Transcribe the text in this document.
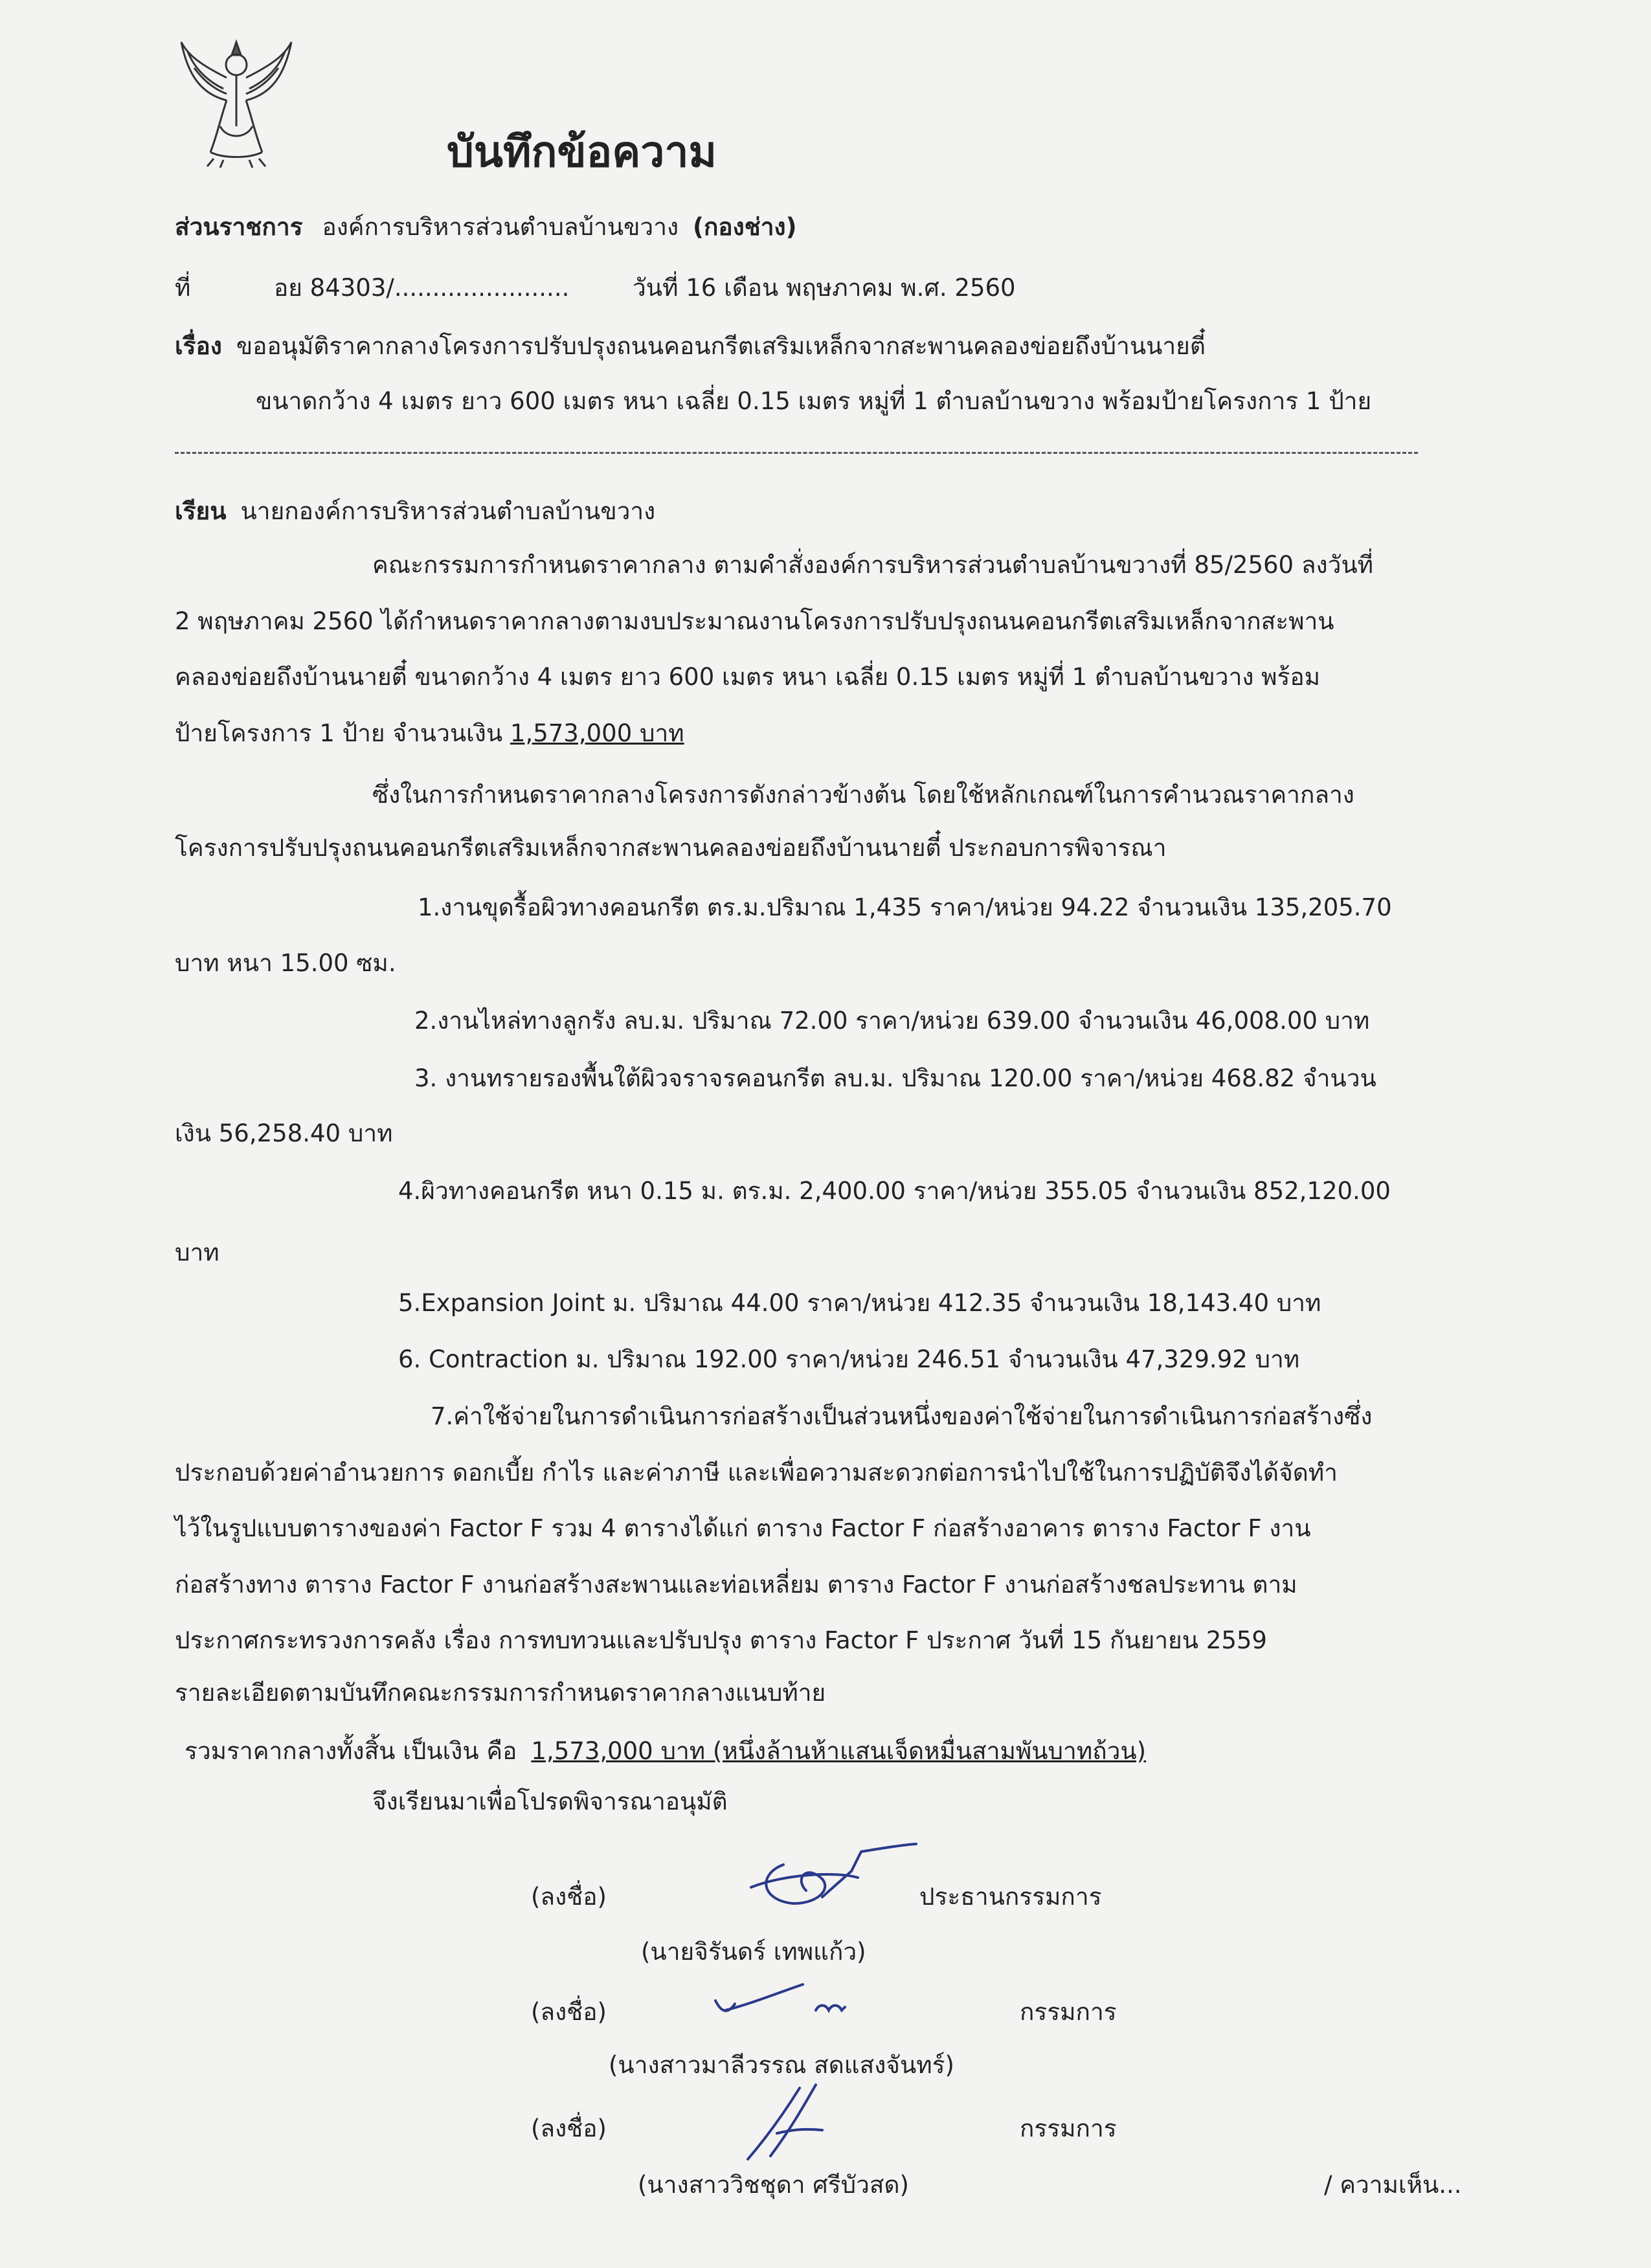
บันทึกข้อความ
ส่วนราชการ องค์การบริหารส่วนตำบลบ้านขวาง (กองช่าง)
ที่	อย 84303/.......................	วันที่ 16 เดือน พฤษภาคม พ.ศ. 2560
เรื่อง ขออนุมัติราคากลางโครงการปรับปรุงถนนคอนกรีตเสริมเหล็กจากสะพานคลองข่อยถึงบ้านนายตี๋
ขนาดกว้าง 4 เมตร ยาว 600 เมตร หนา เฉลี่ย 0.15 เมตร หมู่ที่ 1 ตำบลบ้านขวาง พร้อมป้ายโครงการ 1 ป้าย
เรียน นายกองค์การบริหารส่วนตำบลบ้านขวาง
คณะกรรมการกำหนดราคากลาง ตามคำสั่งองค์การบริหารส่วนตำบลบ้านขวางที่ 85/2560 ลงวันที่
2 พฤษภาคม 2560 ได้กำหนดราคากลางตามงบประมาณงานโครงการปรับปรุงถนนคอนกรีตเสริมเหล็กจากสะพาน
คลองข่อยถึงบ้านนายตี๋ ขนาดกว้าง 4 เมตร ยาว 600 เมตร หนา เฉลี่ย 0.15 เมตร หมู่ที่ 1 ตำบลบ้านขวาง พร้อม
ป้ายโครงการ 1 ป้าย จำนวนเงิน 1,573,000 บาท
ซึ่งในการกำหนดราคากลางโครงการดังกล่าวข้างต้น โดยใช้หลักเกณฑ์ในการคำนวณราคากลาง
โครงการปรับปรุงถนนคอนกรีตเสริมเหล็กจากสะพานคลองข่อยถึงบ้านนายตี๋ ประกอบการพิจารณา
1.งานขุดรื้อผิวทางคอนกรีต ตร.ม.ปริมาณ 1,435 ราคา/หน่วย 94.22 จำนวนเงิน 135,205.70
บาท หนา 15.00 ซม.
2.งานไหล่ทางลูกรัง ลบ.ม. ปริมาณ 72.00 ราคา/หน่วย 639.00 จำนวนเงิน 46,008.00 บาท
3. งานทรายรองพื้นใต้ผิวจราจรคอนกรีต ลบ.ม. ปริมาณ 120.00 ราคา/หน่วย 468.82 จำนวน
เงิน 56,258.40 บาท
4.ผิวทางคอนกรีต หนา 0.15 ม. ตร.ม. 2,400.00 ราคา/หน่วย 355.05 จำนวนเงิน 852,120.00
บาท
5.Expansion Joint ม. ปริมาณ 44.00 ราคา/หน่วย 412.35 จำนวนเงิน 18,143.40 บาท
6. Contraction ม. ปริมาณ 192.00 ราคา/หน่วย 246.51 จำนวนเงิน 47,329.92 บาท
7.ค่าใช้จ่ายในการดำเนินการก่อสร้างเป็นส่วนหนึ่งของค่าใช้จ่ายในการดำเนินการก่อสร้างซึ่ง
ประกอบด้วยค่าอำนวยการ ดอกเบี้ย กำไร และค่าภาษี และเพื่อความสะดวกต่อการนำไปใช้ในการปฏิบัติจึงได้จัดทำ
ไว้ในรูปแบบตารางของค่า Factor F รวม 4 ตารางได้แก่ ตาราง Factor F ก่อสร้างอาคาร ตาราง Factor F งาน
ก่อสร้างทาง ตาราง Factor F งานก่อสร้างสะพานและท่อเหลี่ยม ตาราง Factor F งานก่อสร้างชลประทาน ตาม
ประกาศกระทรวงการคลัง เรื่อง การทบทวนและปรับปรุง ตาราง Factor F ประกาศ วันที่ 15 กันยายน 2559
รายละเอียดตามบันทึกคณะกรรมการกำหนดราคากลางแนบท้าย
รวมราคากลางทั้งสิ้น เป็นเงิน คือ 1,573,000 บาท (หนึ่งล้านห้าแสนเจ็ดหมื่นสามพันบาทถ้วน)
จึงเรียนมาเพื่อโปรดพิจารณาอนุมัติ
(ลงชื่อ)	ประธานกรรมการ
(นายจิรันดร์ เทพแก้ว)
(ลงชื่อ)	กรรมการ
(นางสาวมาลีวรรณ สดแสงจันทร์)
(ลงชื่อ)	กรรมการ
(นางสาววิชชุดา ศรีบัวสด)	/ ความเห็น...
